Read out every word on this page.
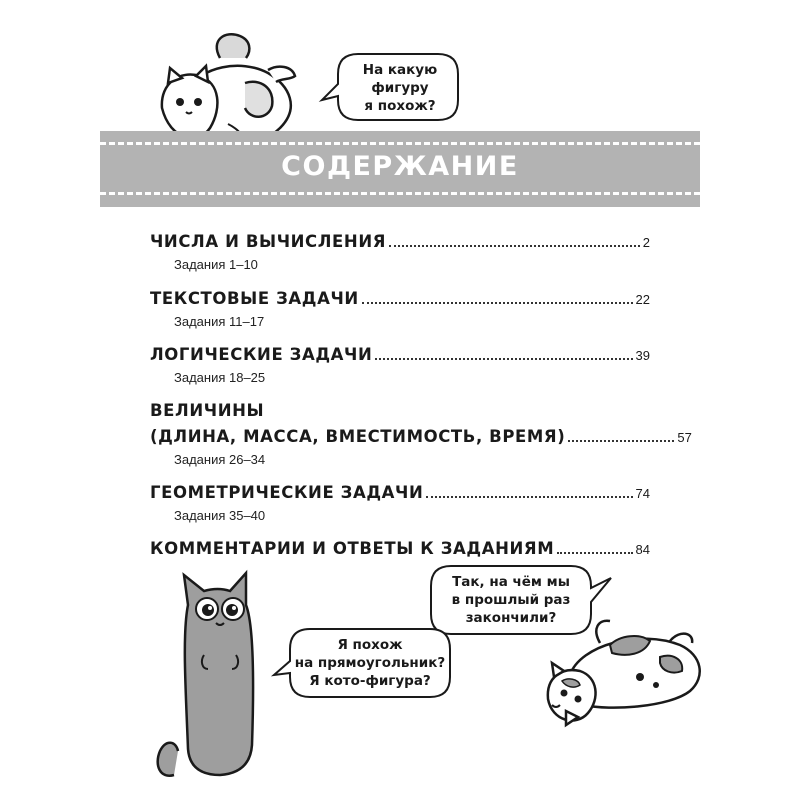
На какую
фигуру
я похож?
СОДЕРЖАНИЕ
ЧИСЛА И ВЫЧИСЛЕНИЯ	2
Задания 1–10
ТЕКСТОВЫЕ ЗАДАЧИ	22
Задания 11–17
ЛОГИЧЕСКИЕ ЗАДАЧИ	39
Задания 18–25
ВЕЛИЧИНЫ
(ДЛИНА, МАССА, ВМЕСТИМОСТЬ, ВРЕМЯ)	57
Задания 26–34
ГЕОМЕТРИЧЕСКИЕ ЗАДАЧИ	74
Задания 35–40
КОММЕНТАРИИ И ОТВЕТЫ К ЗАДАНИЯМ	84
Так, на чём мы
в прошлый раз
закончили?
Я похож
на прямоугольник?
Я кото-фигура?
